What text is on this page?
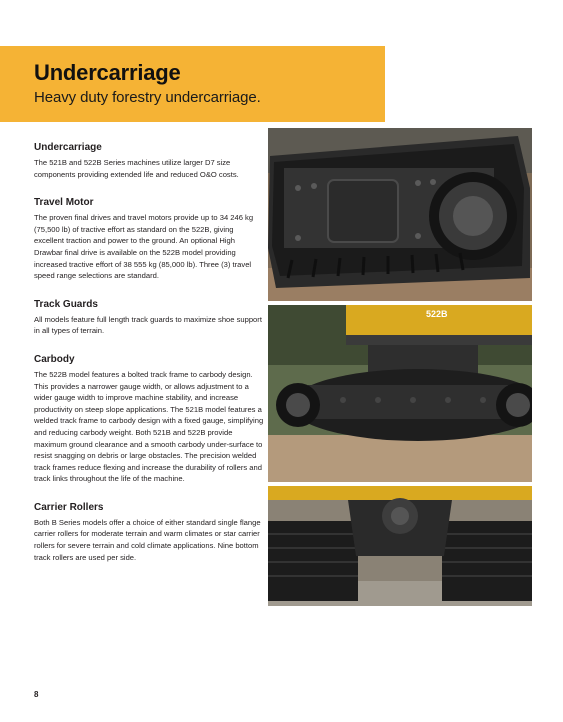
Undercarriage

Heavy duty forestry undercarriage.

Undercarriage

The 521B and 522B Series machines utilize larger D7 size components providing extended life and reduced O&O costs.

Travel Motor

The proven final drives and travel motors provide up to 34 246 kg (75,500 lb) of tractive effort as standard on the 522B, giving excellent traction and power to the ground. An optional High Drawbar final drive is available on the 522B model providing increased tractive effort of 38 555 kg (85,000 lb). Three (3) travel speed range selections are standard.

Track Guards

All models feature full length track guards to maximize shoe support in all types of terrain.

Carbody

The 522B model features a bolted track frame to carbody design. This provides a narrower gauge width, or allows adjustment to a wider gauge width to improve machine stability, and increase productivity on steep slope applications. The 521B model features a welded track frame to carbody design with a fixed gauge, simplifying and reducing carbody weight. Both 521B and 522B provide maximum ground clearance and a smooth carbody under-surface to resist snagging on debris or large obstacles. The precision welded track frames reduce flexing and increase the durability of rollers and track links throughout the life of the machine.

Carrier Rollers

Both B Series models offer a choice of either standard single flange carrier rollers for moderate terrain and warm climates or star carrier rollers for severe terrain and cold climate applications. Nine bottom track rollers are used per side.

522B

8
